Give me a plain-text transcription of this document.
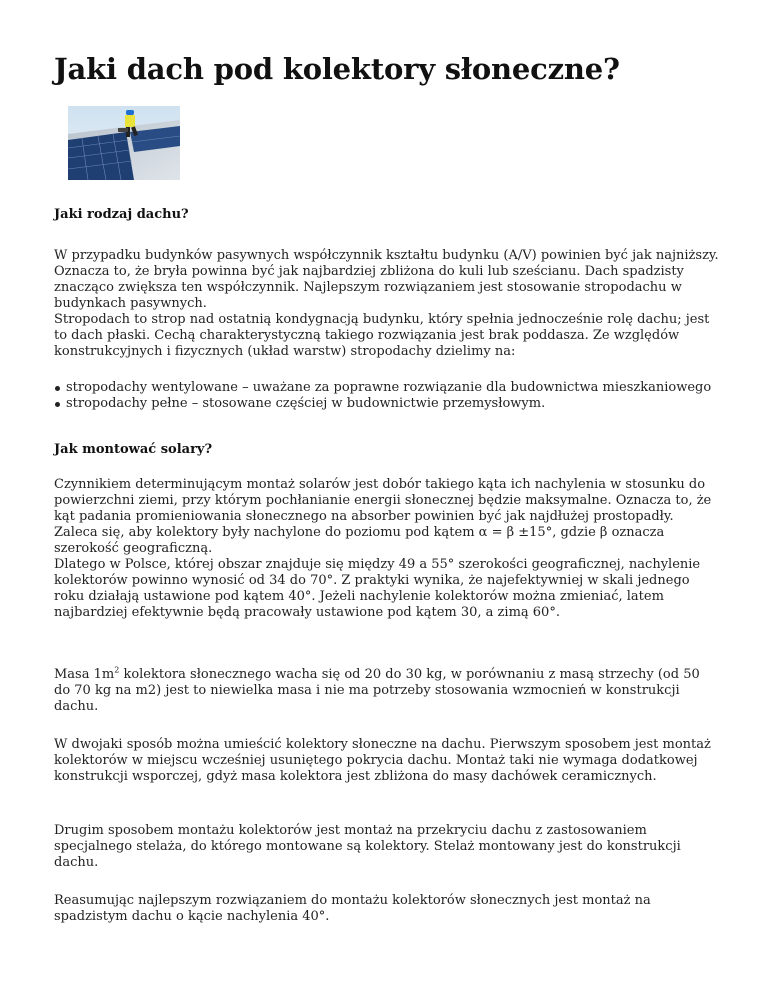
Jaki dach pod kolektory słoneczne?
Jaki rodzaj dachu?

W przypadku budynków pasywnych współczynnik kształtu budynku (A/V) powinien być jak najniższy. Oznacza to, że bryła powinna być jak najbardziej zbliżona do kuli lub sześcianu. Dach spadzisty znacząco zwiększa ten współczynnik. Najlepszym rozwiązaniem jest stosowanie stropodachu w budynkach pasywnych.

Stropodach to strop nad ostatnią kondygnacją budynku, który spełnia jednocześnie rolę dachu; jest to dach płaski. Cechą charakterystyczną takiego rozwiązania jest brak poddasza. Ze względów konstrukcyjnych i fizycznych (układ warstw) stropodachy dzielimy na:

stropodachy wentylowane – uważane za poprawne rozwiązanie dla budownictwa mieszkaniowego
stropodachy pełne – stosowane częściej w budownictwie przemysłowym.
Jak montować solary?

Czynnikiem determinującym montaż solarów jest dobór takiego kąta ich nachylenia w stosunku do powierzchni ziemi, przy którym pochłanianie energii słonecznej będzie maksymalne. Oznacza to, że kąt padania promieniowania słonecznego na absorber powinien być jak najdłużej prostopadły. Zaleca się, aby kolektory były nachylone do poziomu pod kątem α = β ±15°, gdzie β oznacza szerokość geograficzną.

Dlatego w Polsce, której obszar znajduje się między 49 a 55° szerokości geograficznej, nachylenie kolektorów powinno wynosić od 34 do 70°. Z praktyki wynika, że najefektywniej w skali jednego roku działają ustawione pod kątem 40°. Jeżeli nachylenie kolektorów można zmieniać, latem najbardziej efektywnie będą pracowały ustawione pod kątem 30, a zimą 60°.

Masa $1m^2$ kolektora słonecznego wacha się od 20 do 30 kg, w porównaniu z masą strzechy (od 50 do 70 kg na m2) jest to niewielka masa i nie ma potrzeby stosowania wzmocnień w konstrukcji dachu.

W dwojaki sposób można umieścić kolektory słoneczne na dachu. Pierwszym sposobem jest montaż kolektorów w miejscu wcześniej usuniętego pokrycia dachu. Montaż taki nie wymaga dodatkowej konstrukcji wsporczej, gdyż masa kolektora jest zbliżona do masy dachówek ceramicznych.

Drugim sposobem montażu kolektorów jest montaż na przekryciu dachu z zastosowaniem specjalnego stelaża, do którego montowane są kolektory. Stelaż montowany jest do konstrukcji dachu.

Reasumując najlepszym rozwiązaniem do montażu kolektorów słonecznych jest montaż na spadzistym dachu o kącie nachylenia 40°.
